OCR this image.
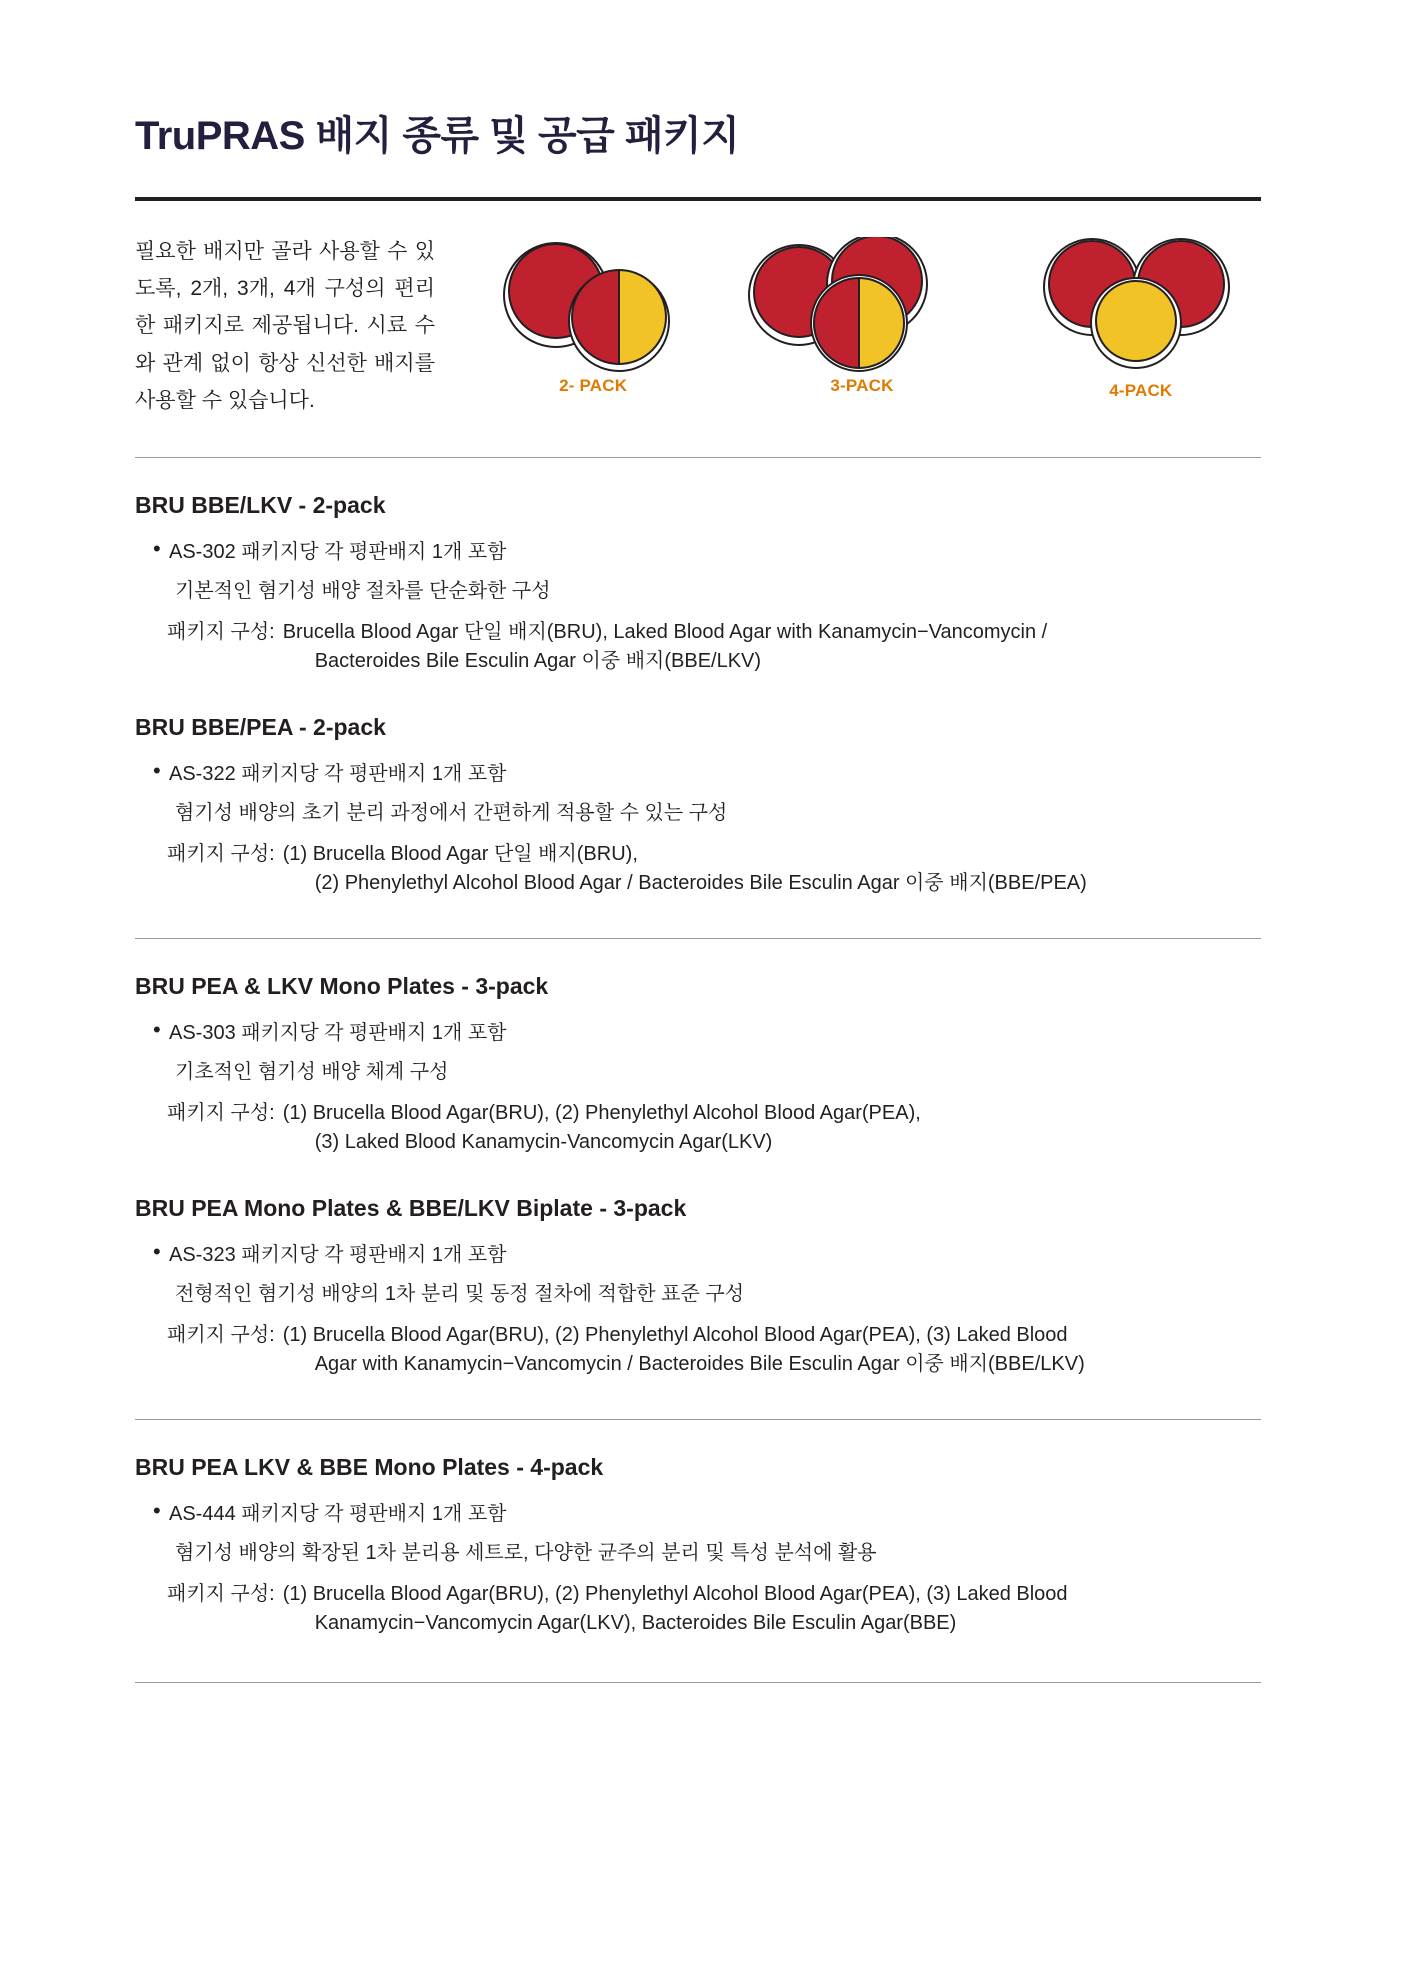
TruPRAS 배지 종류 및 공급 패키지
필요한 배지만 골라 사용할 수 있도록, 2개, 3개, 4개 구성의 편리한 패키지로 제공됩니다. 시료 수와 관계 없이 항상 신선한 배지를 사용할 수 있습니다.
2- PACK	3-PACK	4-PACK
BRU BBE/LKV - 2-pack
• AS-302 패키지당 각 평판배지 1개 포함
기본적인 혐기성 배양 절차를 단순화한 구성
패키지 구성: Brucella Blood Agar 단일 배지(BRU), Laked Blood Agar with Kanamycin−Vancomycin /
Bacteroides Bile Esculin Agar 이중 배지(BBE/LKV)
BRU BBE/PEA - 2-pack
• AS-322 패키지당 각 평판배지 1개 포함
혐기성 배양의 초기 분리 과정에서 간편하게 적용할 수 있는 구성
패키지 구성: (1) Brucella Blood Agar 단일 배지(BRU),
(2) Phenylethyl Alcohol Blood Agar / Bacteroides Bile Esculin Agar 이중 배지(BBE/PEA)
BRU PEA & LKV Mono Plates - 3-pack
• AS-303 패키지당 각 평판배지 1개 포함
기초적인 혐기성 배양 체계 구성
패키지 구성: (1) Brucella Blood Agar(BRU), (2) Phenylethyl Alcohol Blood Agar(PEA),
(3) Laked Blood Kanamycin-Vancomycin Agar(LKV)
BRU PEA Mono Plates & BBE/LKV Biplate - 3-pack
• AS-323 패키지당 각 평판배지 1개 포함
전형적인 혐기성 배양의 1차 분리 및 동정 절차에 적합한 표준 구성
패키지 구성: (1) Brucella Blood Agar(BRU), (2) Phenylethyl Alcohol Blood Agar(PEA), (3) Laked Blood
Agar with Kanamycin−Vancomycin / Bacteroides Bile Esculin Agar 이중 배지(BBE/LKV)
BRU PEA LKV & BBE Mono Plates - 4-pack
• AS-444 패키지당 각 평판배지 1개 포함
혐기성 배양의 확장된 1차 분리용 세트로, 다양한 균주의 분리 및 특성 분석에 활용
패키지 구성: (1) Brucella Blood Agar(BRU), (2) Phenylethyl Alcohol Blood Agar(PEA), (3) Laked Blood
Kanamycin−Vancomycin Agar(LKV), Bacteroides Bile Esculin Agar(BBE)
